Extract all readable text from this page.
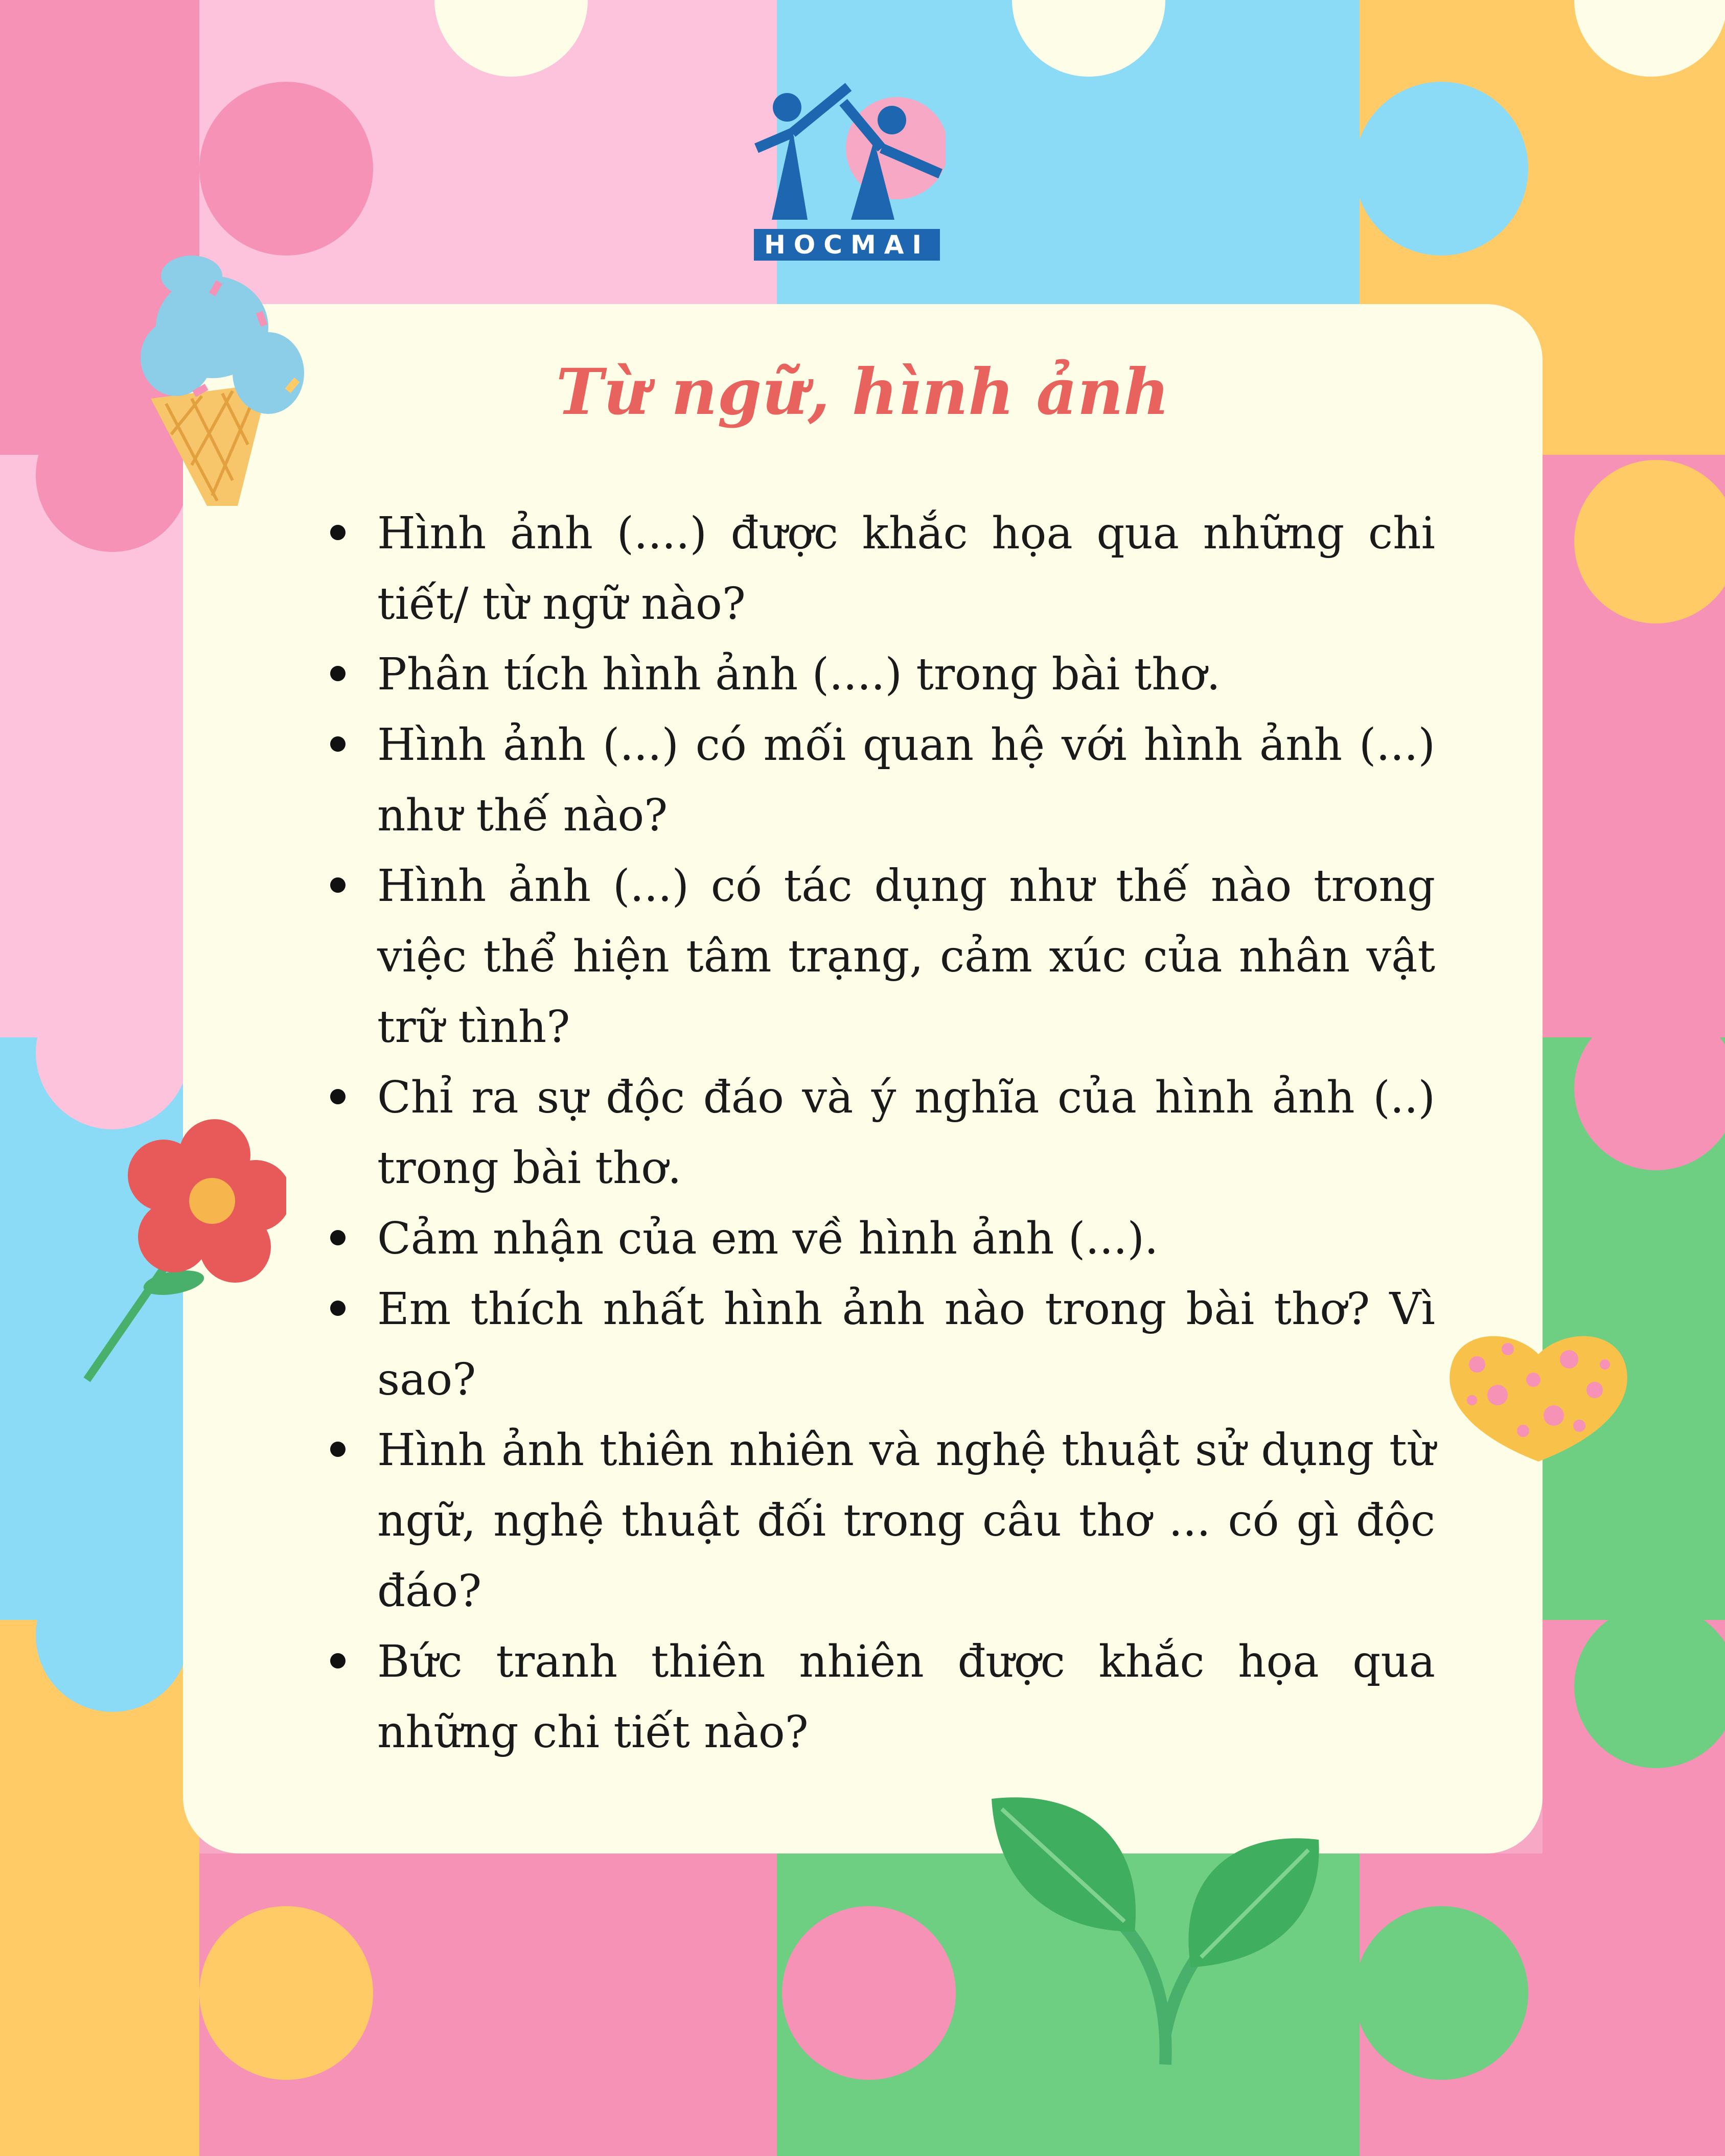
HOCMAI
Từ ngữ, hình ảnh
Hình ảnh (....) được khắc họa qua những chi tiết/ từ ngữ nào?
Phân tích hình ảnh (....) trong bài thơ.
Hình ảnh (...) có mối quan hệ với hình ảnh (...) như thế nào?
Hình ảnh (...) có tác dụng như thế nào trong việc thể hiện tâm trạng, cảm xúc của nhân vật trữ tình?
Chỉ ra sự độc đáo và ý nghĩa của hình ảnh (..) trong bài thơ.
Cảm nhận của em về hình ảnh (...).
Em thích nhất hình ảnh nào trong bài thơ? Vì sao?
Hình ảnh thiên nhiên và nghệ thuật sử dụng từ ngữ, nghệ thuật đối trong câu thơ ... có gì độc đáo?
Bức tranh thiên nhiên được khắc họa qua những chi tiết nào?
